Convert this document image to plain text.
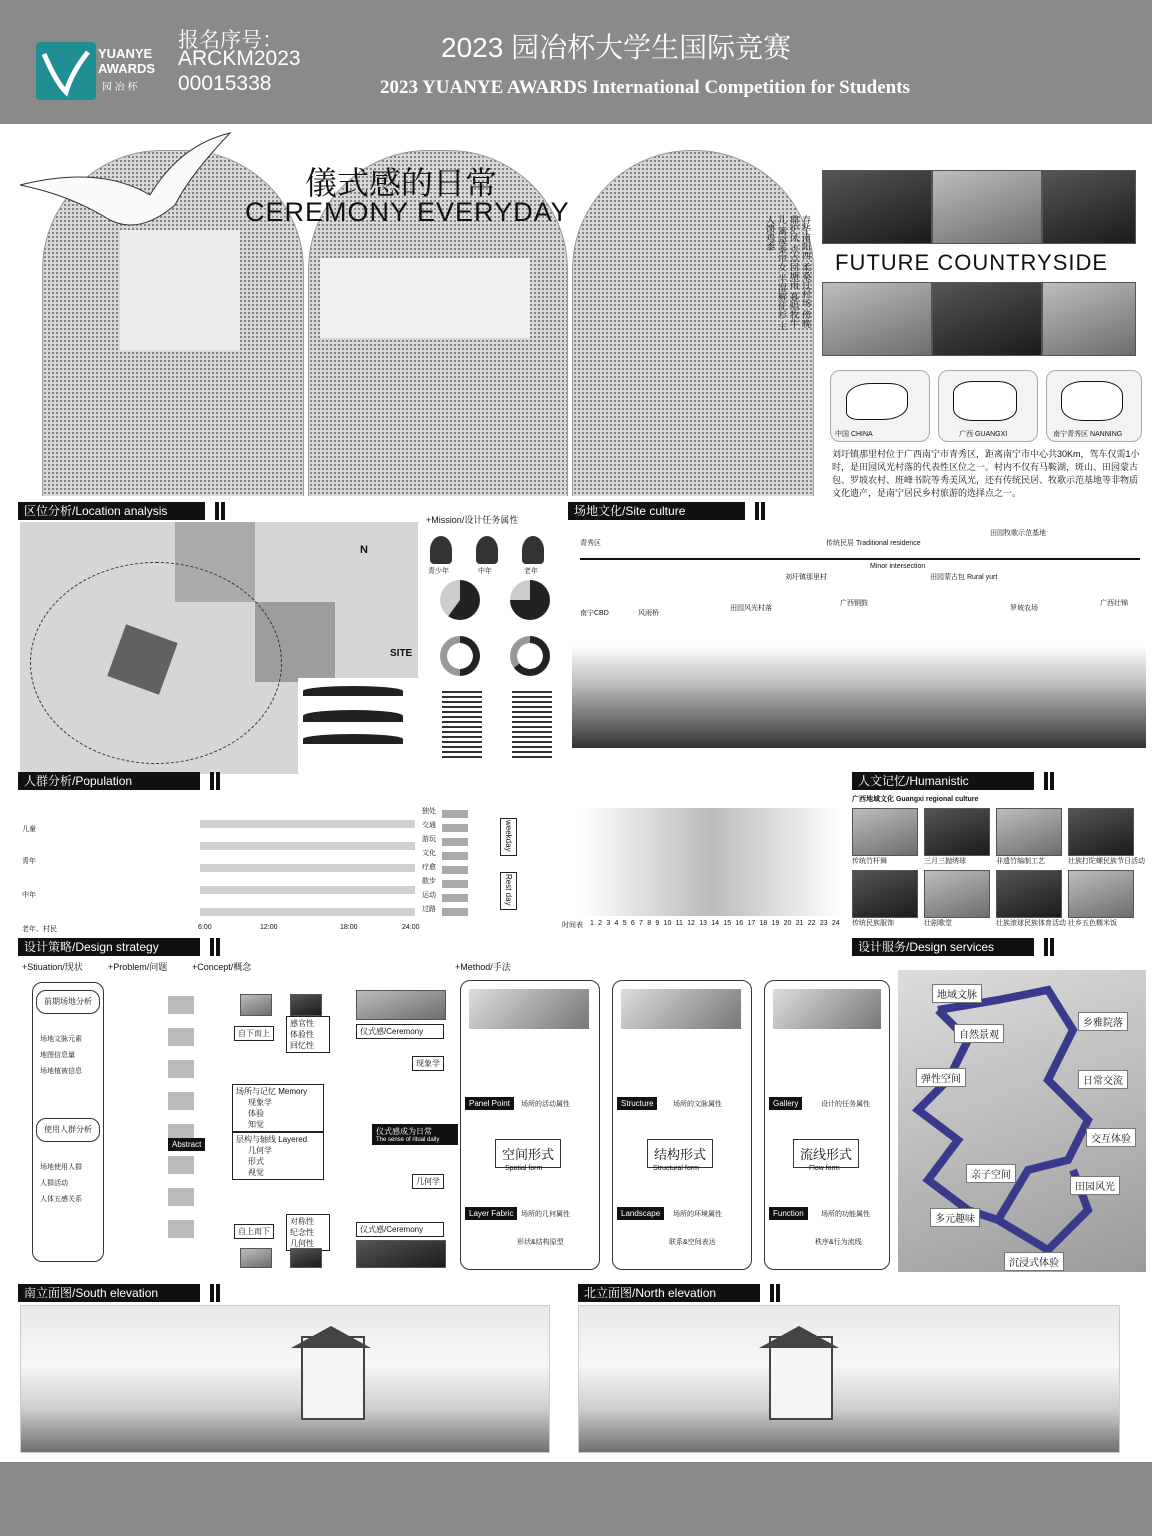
YUANYE
AWARDS
园 冶 杯
报名序号：
ARCKM2023
00015338
2023 园冶杯大学生国际竞赛
2023 YUANYE AWARDS International Competition for Students
儀式感的日常
CEREMONY EVERYDAY
春华南阳西 柔桑过村场 傍晚鼎炉风 点点回塘雨 暮唱牧牛儿 篱窥蓁帘女 半湿解征衫 主人馈鸡黍
FUTURE COUNTRYSIDE
中国 CHINA	广西 GUANGXI	南宁青秀区 NANNING
刘圩镇那里村位于广西南宁市青秀区，距离南宁市中心共30Km，驾车仅需1小时，是田园风光村落的代表性区位之一。村内不仅有马鞍湖，斑山、田园蒙古包、罗坡农村、班峰书院等秀美风光，还有传统民居、牧歌示范基地等非物质文化遗产，是南宁居民乡村旅游的选择点之一。
区位分析/Location analysis
N
SITE
+Mission/设计任务属性
青少年	中年	老年
场地文化/Site culture
青秀区
南宁CBD	风雨桥
田园风光村落
刘圩镇那里村
传统民居 Traditional residence
广西铜鼓
Minor intersection
田园蒙古包 Rural yurt
田园牧歌示范基地
罗坡农场
广西壮锦
人群分析/Population
儿童
青年
中年
老年、村民	6:00	12:00	18:00	24:00
独处
交通
游玩
文化
疗愈
散步
运动
过路
weekday
Rest day
时间表 1 2 3 4 5 6 7 8 9 10 11 12 13 14 15 16 17 18 19 20 21 22 23 24
人文记忆/Humanistic
广西地域文化 Guangxi regional culture
传统竹杆舞	三月三抛绣球	非遗竹编制工艺	壮族打陀螺民族节日活动
传统民族服饰	壮剧歌堂	壮族滚球民族体育活动 壮乡五色糯米饭
设计策略/Design strategy
+Stiuation/现状	+Problem/问题	+Concept/概念	+Method/手法
前期场地分析
场地文脉元素
地图信息量
场地植被信息
使用人群分析
场地使用人群
人群活动
人体五感关系
Abstract
自下而上
感官性
体验性
回忆性
场所与记忆 Memory
现象学
体验
知觉
层构与轴线 Layered
几何学
形式
视觉
自上而下
对称性
纪念性
几何性
仪式感/Ceremony
现象学
仪式感成为日常
The sense of ritual daily
几何学
仪式感/Ceremony
空间形式
Spatial form
Panel Point	场所的活动属性
Layer Fabric	场所的几何属性
形状&结构原型
结构形式
Structural form
Structure	场所的文脉属性
Landscape	场所的环境属性
联系&空间表达
流线形式
Flow form
Gallery	设计的任务属性
Function	场所的功能属性
秩序&行为流线
设计服务/Design services
地域文脉
乡雅院落
自然景观
弹性空间	日常交流
交互体验
亲子空间
田园风光
多元趣味
沉浸式体验
南立面图/South elevation	北立面图/North elevation
